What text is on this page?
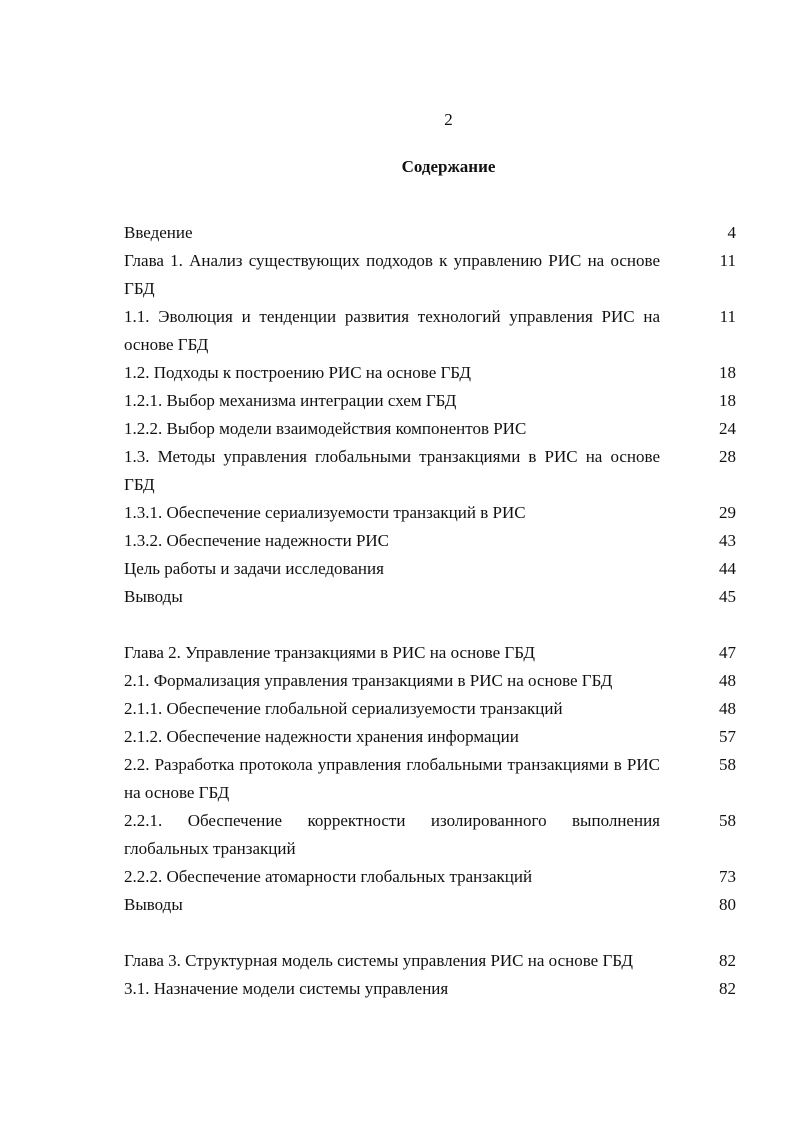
2
Содержание
Введение	4
Глава 1. Анализ существующих подходов к управлению РИС на основе ГБД
11
1.1. Эволюция и тенденции развития технологий управления РИС на основе ГБД
11
1.2. Подходы к построению РИС на основе ГБД	18
1.2.1. Выбор механизма интеграции схем ГБД	18
1.2.2. Выбор модели взаимодействия компонентов РИС	24
1.3. Методы управления глобальными транзакциями в РИС на основе ГБД
28
1.3.1. Обеспечение сериализуемости транзакций в РИС	29
1.3.2. Обеспечение надежности РИС	43
Цель работы и задачи исследования	44
Выводы	45
Глава 2. Управление транзакциями в РИС на основе ГБД	47
2.1. Формализация управления транзакциями в РИС на основе ГБД	48
2.1.1. Обеспечение глобальной сериализуемости транзакций	48
2.1.2. Обеспечение надежности хранения информации	57
2.2. Разработка протокола управления глобальными транзакциями в РИС на основе ГБД
58
2.2.1. Обеспечение корректности изолированного выполнения глобальных транзакций
58
2.2.2. Обеспечение атомарности глобальных транзакций	73
Выводы	80
Глава 3. Структурная модель системы управления РИС на основе ГБД	82
3.1. Назначение модели системы управления	82
